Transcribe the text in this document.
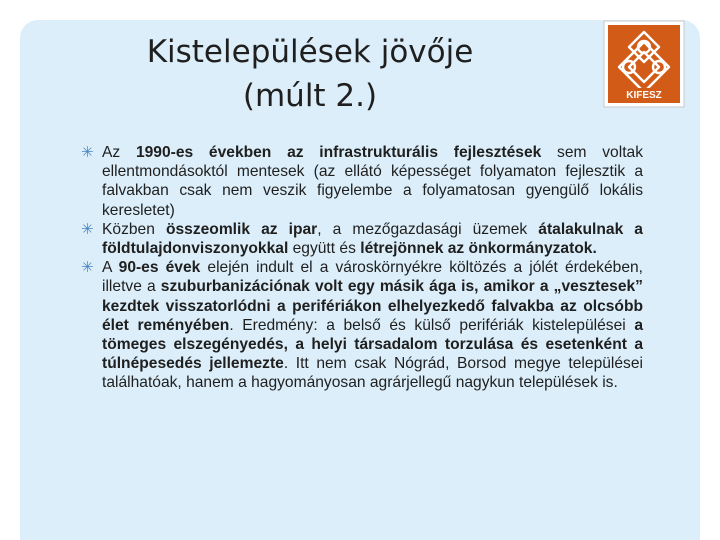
Kistelepülések jövője
(múlt 2.)	KIFESZ
✳ Az 1990-es években az infrastrukturális fejlesztések sem voltak ellentmondásoktól mentesek (az ellátó képességet folyamaton fejlesztik a falvakban csak nem veszik figyelembe a folyamatosan gyengülő lokális keresletet)
✳ Közben összeomlik az ipar, a mezőgazdasági üzemek átalakulnak a földtulajdonviszonyokkal együtt és létrejönnek az önkormányzatok.
✳ A 90-es évek elején indult el a városkörnyékre költözés a jólét érdekében, illetve a szuburbanizációnak volt egy másik ága is, amikor a „vesztesek” kezdtek visszatorlódni a perifériákon elhelyezkedő falvakba az olcsóbb élet reményében. Eredmény: a belső és külső perifériák kistelepülései a tömeges elszegényedés, a helyi társadalom torzulása és esetenként a túlnépesedés jellemezte. Itt nem csak Nógrád, Borsod megye települései találhatóak, hanem a hagyományosan agrárjellegű nagykun települések is.
